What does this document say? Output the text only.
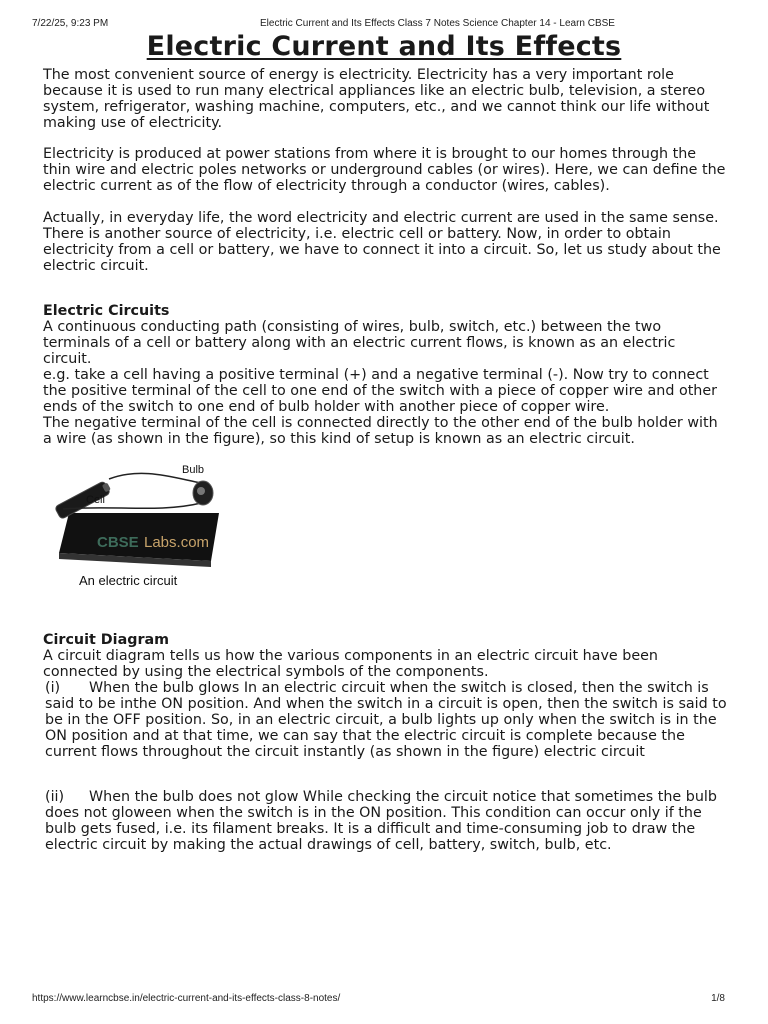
7/22/25, 9:23 PM	Electric Current and Its Effects Class 7 Notes Science Chapter 14 - Learn CBSE
Electric Current and Its Effects

The most convenient source of energy is electricity. Electricity has a very important role because it is used to run many electrical appliances like an electric bulb, television, a stereo system, refrigerator, washing machine, computers, etc., and we cannot think our life without making use of electricity.

Electricity is produced at power stations from where it is brought to our homes through the thin wire and electric poles networks or underground cables (or wires). Here, we can define the electric current as of the flow of electricity through a conductor (wires, cables).

Actually, in everyday life, the word electricity and electric current are used in the same sense. There is another source of electricity, i.e. electric cell or battery. Now, in order to obtain electricity from a cell or battery, we have to connect it into a circuit. So, let us study about the electric circuit.

Electric Circuits

A continuous conducting path (consisting of wires, bulb, switch, etc.) between the two terminals of a cell or battery along with an electric current flows, is known as an electric circuit.

e.g. take a cell having a positive terminal (+) and a negative terminal (-). Now try to connect the positive terminal of the cell to one end of the switch with a piece of copper wire and other ends of the switch to one end of bulb holder with another piece of copper wire.

The negative terminal of the cell is connected directly to the other end of the bulb holder with a wire (as shown in the figure), so this kind of setup is known as an electric circuit.

Bulb
Cell
CBSE Labs.com
An electric circuit
Circuit Diagram

A circuit diagram tells us how the various components in an electric circuit have been connected by using the electrical symbols of the components.

(i) When the bulb glows In an electric circuit when the switch is closed, then the switch is said to be inthe ON position. And when the switch in a circuit is open, then the switch is said to be in the OFF position. So, in an electric circuit, a bulb lights up only when the switch is in the ON position and at that time, we can say that the electric circuit is complete because the current flows throughout the circuit instantly (as shown in the figure) electric circuit

(ii) When the bulb does not glow While checking the circuit notice that sometimes the bulb does not gloween when the switch is in the ON position. This condition can occur only if the bulb gets fused, i.e. its filament breaks. It is a difficult and time-consuming job to draw the electric circuit by making the actual drawings of cell, battery, switch, bulb, etc.

https://www.learncbse.in/electric-current-and-its-effects-class-8-notes/	1/8
